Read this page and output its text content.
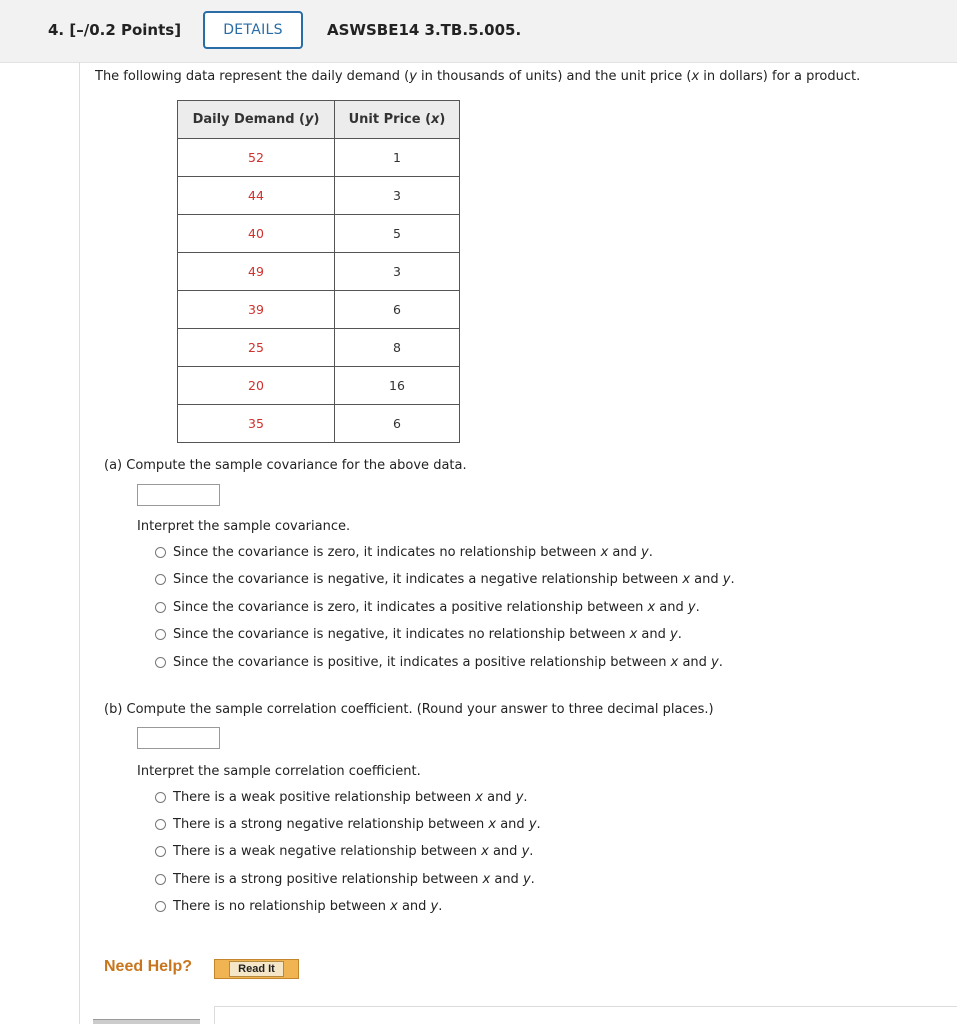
4. [–/0.2 Points]	DETAILS	ASWSBE14 3.TB.5.005.
The following data represent the daily demand (y in thousands of units) and the unit price (x in dollars) for a product.
Daily Demand (y)	Unit Price (x)
52	1
44	3
40	5
49	3
39	6
25	8
20	16
35	6
(a) Compute the sample covariance for the above data.
Interpret the sample covariance.
Since the covariance is zero, it indicates no relationship between x and y.
Since the covariance is negative, it indicates a negative relationship between x and y.
Since the covariance is zero, it indicates a positive relationship between x and y.
Since the covariance is negative, it indicates no relationship between x and y.
Since the covariance is positive, it indicates a positive relationship between x and y.
(b) Compute the sample correlation coefficient. (Round your answer to three decimal places.)
Interpret the sample correlation coefficient.
There is a weak positive relationship between x and y.
There is a strong negative relationship between x and y.
There is a weak negative relationship between x and y.
There is a strong positive relationship between x and y.
There is no relationship between x and y.
Need Help?	Read It
